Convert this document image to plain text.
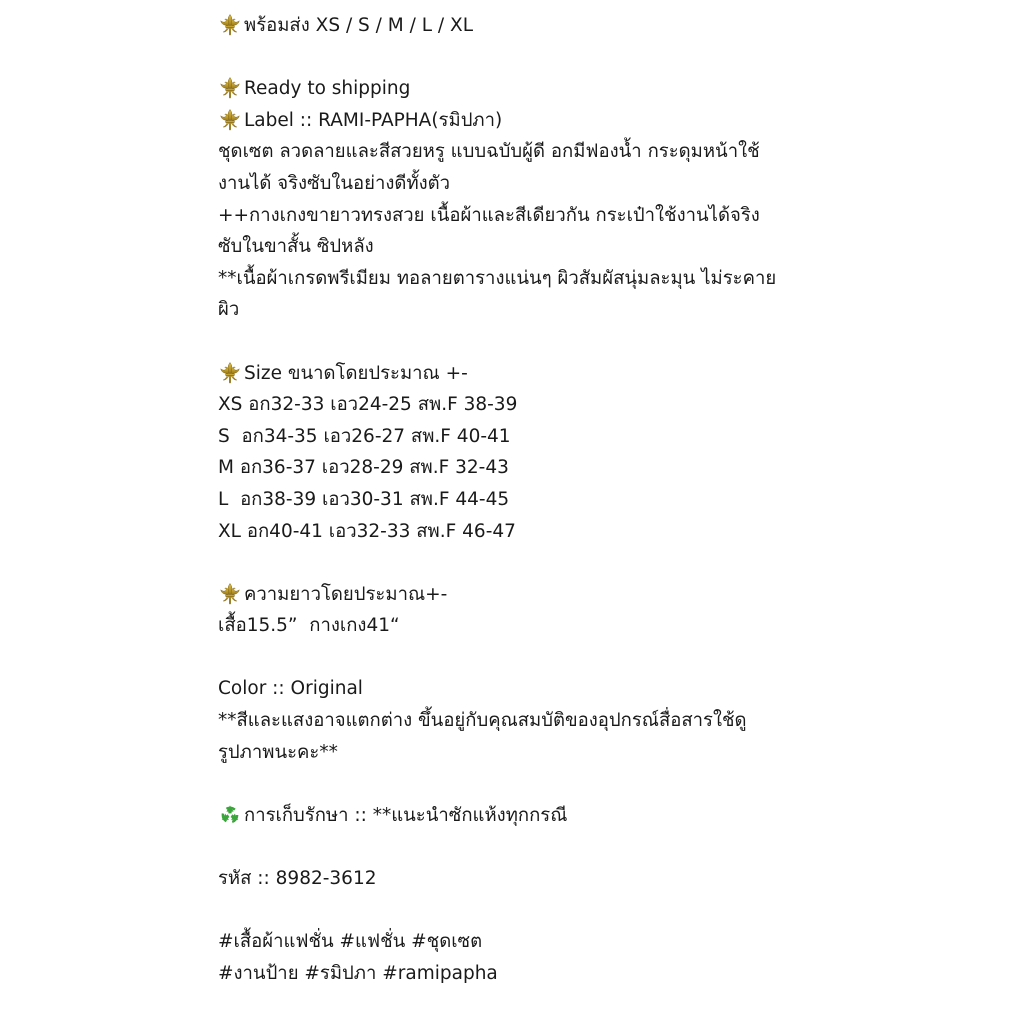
พร้อมส่ง XS / S / M / L / XL
Ready to shipping
Label :: RAMI-PAPHA(รมิปภา)
ชุดเซต ลวดลายและสีสวยหรู แบบฉบับผู้ดี อกมีฟองน้ำ กระดุมหน้าใช้
งานได้ จริงซับในอย่างดีทั้งตัว
++กางเกงขายาวทรงสวย เนื้อผ้าและสีเดียวกัน กระเป๋าใช้งานได้จริง
ซับในขาสั้น ซิปหลัง
**เนื้อผ้าเกรดพรีเมียม ทอลายตารางแน่นๆ ผิวสัมผัสนุ่มละมุน ไม่ระคาย
ผิว
Size ขนาดโดยประมาณ +-
XS อก32-33 เอว24-25 สพ.F 38-39
S  อก34-35 เอว26-27 สพ.F 40-41
M อก36-37 เอว28-29 สพ.F 32-43
L  อก38-39 เอว30-31 สพ.F 44-45
XL อก40-41 เอว32-33 สพ.F 46-47
ความยาวโดยประมาณ+-
เสื้อ15.5”  กางเกง41“
Color :: Original
**สีและแสงอาจแตกต่าง ขึ้นอยู่กับคุณสมบัติของอุปกรณ์สื่อสารใช้ดู
รูปภาพนะคะ**
การเก็บรักษา :: **แนะนำซักแห้งทุกกรณี
รหัส :: 8982-3612
#เสื้อผ้าแฟชั่น #แฟชั่น #ชุดเซต
#งานป้าย #รมิปภา #ramipapha
